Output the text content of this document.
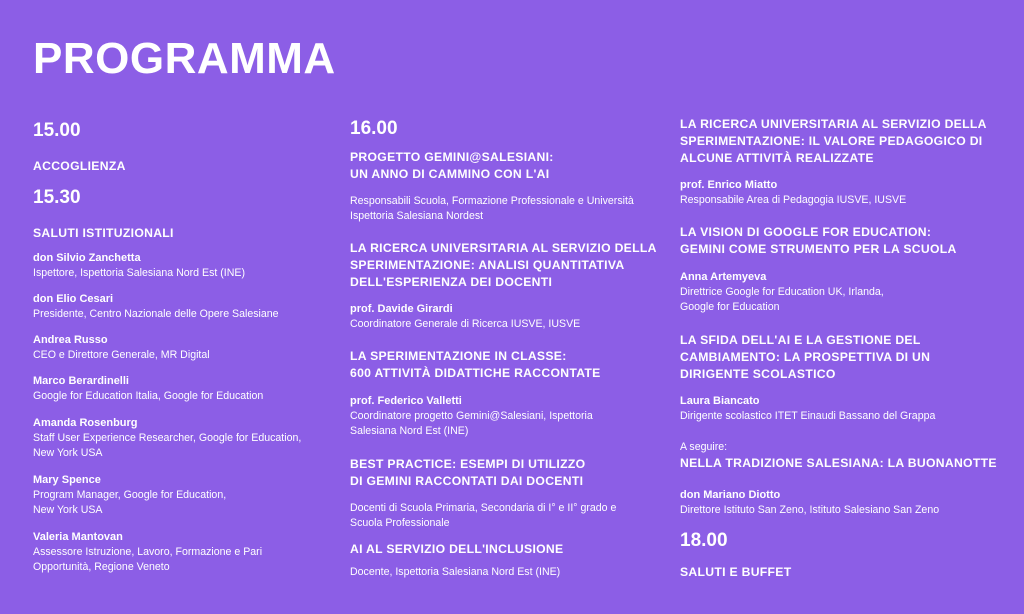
PROGRAMMA
15.00
ACCOGLIENZA
15.30
SALUTI ISTITUZIONALI
don Silvio Zanchetta
Ispettore, Ispettoria Salesiana Nord Est (INE)
don Elio Cesari
Presidente, Centro Nazionale delle Opere Salesiane
Andrea Russo
CEO e Direttore Generale, MR Digital
Marco Berardinelli
Google for Education Italia, Google for Education
Amanda Rosenburg
Staff User Experience Researcher, Google for Education,
New York USA
Mary Spence
Program Manager, Google for Education,
New York USA
Valeria Mantovan
Assessore Istruzione, Lavoro, Formazione e Pari
Opportunità, Regione Veneto
16.00
PROGETTO GEMINI@SALESIANI:
UN ANNO DI CAMMINO CON L'AI
Responsabili Scuola, Formazione Professionale e Università
Ispettoria Salesiana Nordest
LA RICERCA UNIVERSITARIA AL SERVIZIO DELLA
SPERIMENTAZIONE: ANALISI QUANTITATIVA
DELL'ESPERIENZA DEI DOCENTI
prof. Davide Girardi
Coordinatore Generale di Ricerca IUSVE, IUSVE
LA SPERIMENTAZIONE IN CLASSE:
600 ATTIVITÀ DIDATTICHE RACCONTATE
prof. Federico Valletti
Coordinatore progetto Gemini@Salesiani, Ispettoria
Salesiana Nord Est (INE)
BEST PRACTICE: ESEMPI DI UTILIZZO
DI GEMINI RACCONTATI DAI DOCENTI
Docenti di Scuola Primaria, Secondaria di I° e II° grado e
Scuola Professionale
AI AL SERVIZIO DELL'INCLUSIONE
Docente, Ispettoria Salesiana Nord Est (INE)
LA RICERCA UNIVERSITARIA AL SERVIZIO DELLA
SPERIMENTAZIONE: IL VALORE PEDAGOGICO DI
ALCUNE ATTIVITÀ REALIZZATE
prof. Enrico Miatto
Responsabile Area di Pedagogia IUSVE, IUSVE
LA VISION DI GOOGLE FOR EDUCATION:
GEMINI COME STRUMENTO PER LA SCUOLA
Anna Artemyeva
Direttrice Google for Education UK, Irlanda,
Google for Education
LA SFIDA DELL'AI E LA GESTIONE DEL
CAMBIAMENTO: LA PROSPETTIVA DI UN
DIRIGENTE SCOLASTICO
Laura Biancato
Dirigente scolastico ITET Einaudi Bassano del Grappa
A seguire:
NELLA TRADIZIONE SALESIANA: LA BUONANOTTE
don Mariano Diotto
Direttore Istituto San Zeno, Istituto Salesiano San Zeno
18.00
SALUTI E BUFFET
